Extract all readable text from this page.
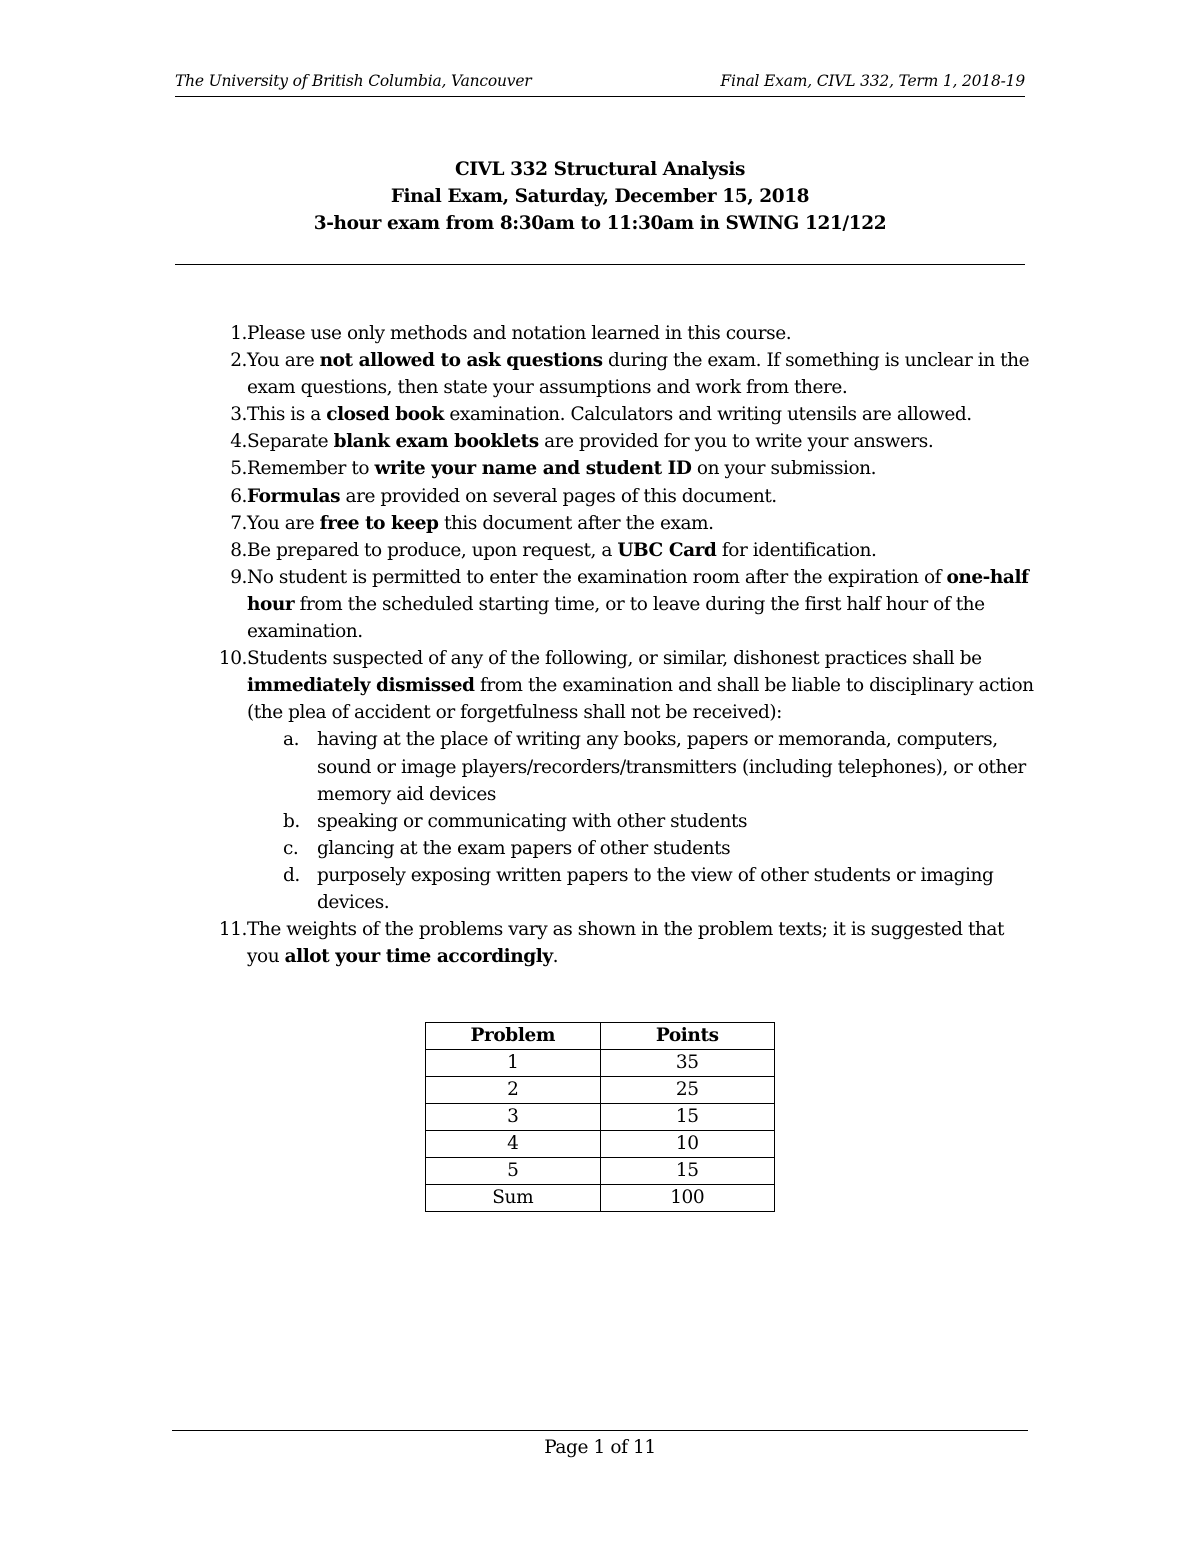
The University of British Columbia, Vancouver	Final Exam, CIVL 332, Term 1, 2018-19
CIVL 332 Structural Analysis
Final Exam, Saturday, December 15, 2018
3-hour exam from 8:30am to 11:30am in SWING 121/122
1. Please use only methods and notation learned in this course.
2. You are not allowed to ask questions during the exam. If something is unclear in the exam questions, then state your assumptions and work from there.
3. This is a closed book examination. Calculators and writing utensils are allowed.
4. Separate blank exam booklets are provided for you to write your answers.
5. Remember to write your name and student ID on your submission.
6. Formulas are provided on several pages of this document.
7. You are free to keep this document after the exam.
8. Be prepared to produce, upon request, a UBC Card for identification.
9. No student is permitted to enter the examination room after the expiration of one-half hour from the scheduled starting time, or to leave during the first half hour of the examination.
10. Students suspected of any of the following, or similar, dishonest practices shall be immediately dismissed from the examination and shall be liable to disciplinary action (the plea of accident or forgetfulness shall not be received):
a. having at the place of writing any books, papers or memoranda, computers, sound or image players/recorders/transmitters (including telephones), or other memory aid devices
b. speaking or communicating with other students
c.	glancing at the exam papers of other students
d. purposely exposing written papers to the view of other students or imaging devices.
11. The weights of the problems vary as shown in the problem texts; it is suggested that you allot your time accordingly.
Problem	Points
1	35
2	25
3	15
4	10
5	15
Sum	100
Page 1 of 11
